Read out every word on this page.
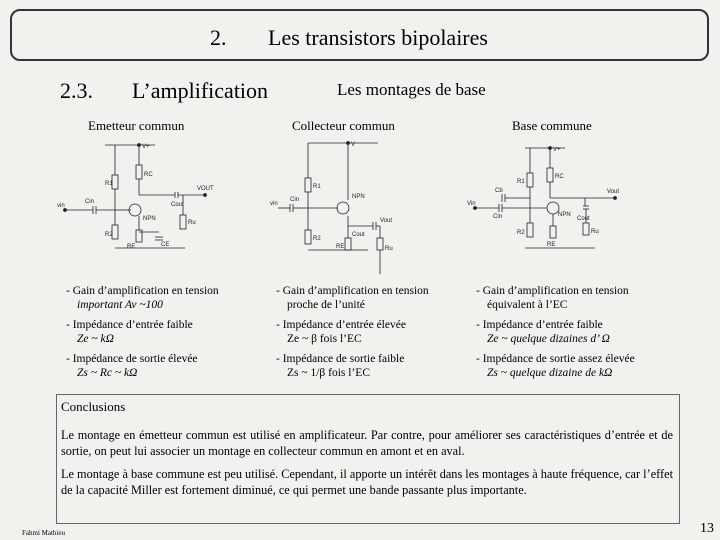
2. Les transistors bipolaires
2.3. L’amplification	Les montages de base
Emetteur commun	Collecteur commun	Base commune
V+
R1
RC
VOUT
Cout
vin
Cin
NPN
R2
RE	CE
Ru
V
R1
NPN
vin
Cin
R2
Vout
Cout
Ru
RE
V+
RC
R1
Cb	Vout
Vin
Cin	NPN
Cout
R2
RE
Ru
- Gain d’amplification en tension
important Av ~100
- Impédance d’entrée faible
Ze ~ kΩ
- Impédance de sortie élevée
Zs ~ Rc ~ kΩ
- Gain d’amplification en tension
proche de l’unité
- Impédance d’entrée élevée
Ze ~ β fois l’EC
- Impédance de sortie faible
Zs ~ 1/β fois l’EC
- Gain d’amplification en tension
équivalent à l’EC
- Impédance d’entrée faible
Ze ~ quelque dizaines d’ Ω
- Impédance de sortie assez élevée
Zs ~ quelque dizaine de kΩ
Conclusions
Le montage en émetteur commun est utilisé en amplificateur. Par contre, pour améliorer ses caractéristiques d’entrée et de sortie, on peut lui associer un montage en collecteur commun en amont et en aval.
Le montage à base commune est peu utilisé. Cependant, il apporte un intérêt dans les montages à haute fréquence, car l’effet de la capacité Miller est fortement diminué, ce qui permet une bande passante plus importante.
Fahmi Mathieu	13
